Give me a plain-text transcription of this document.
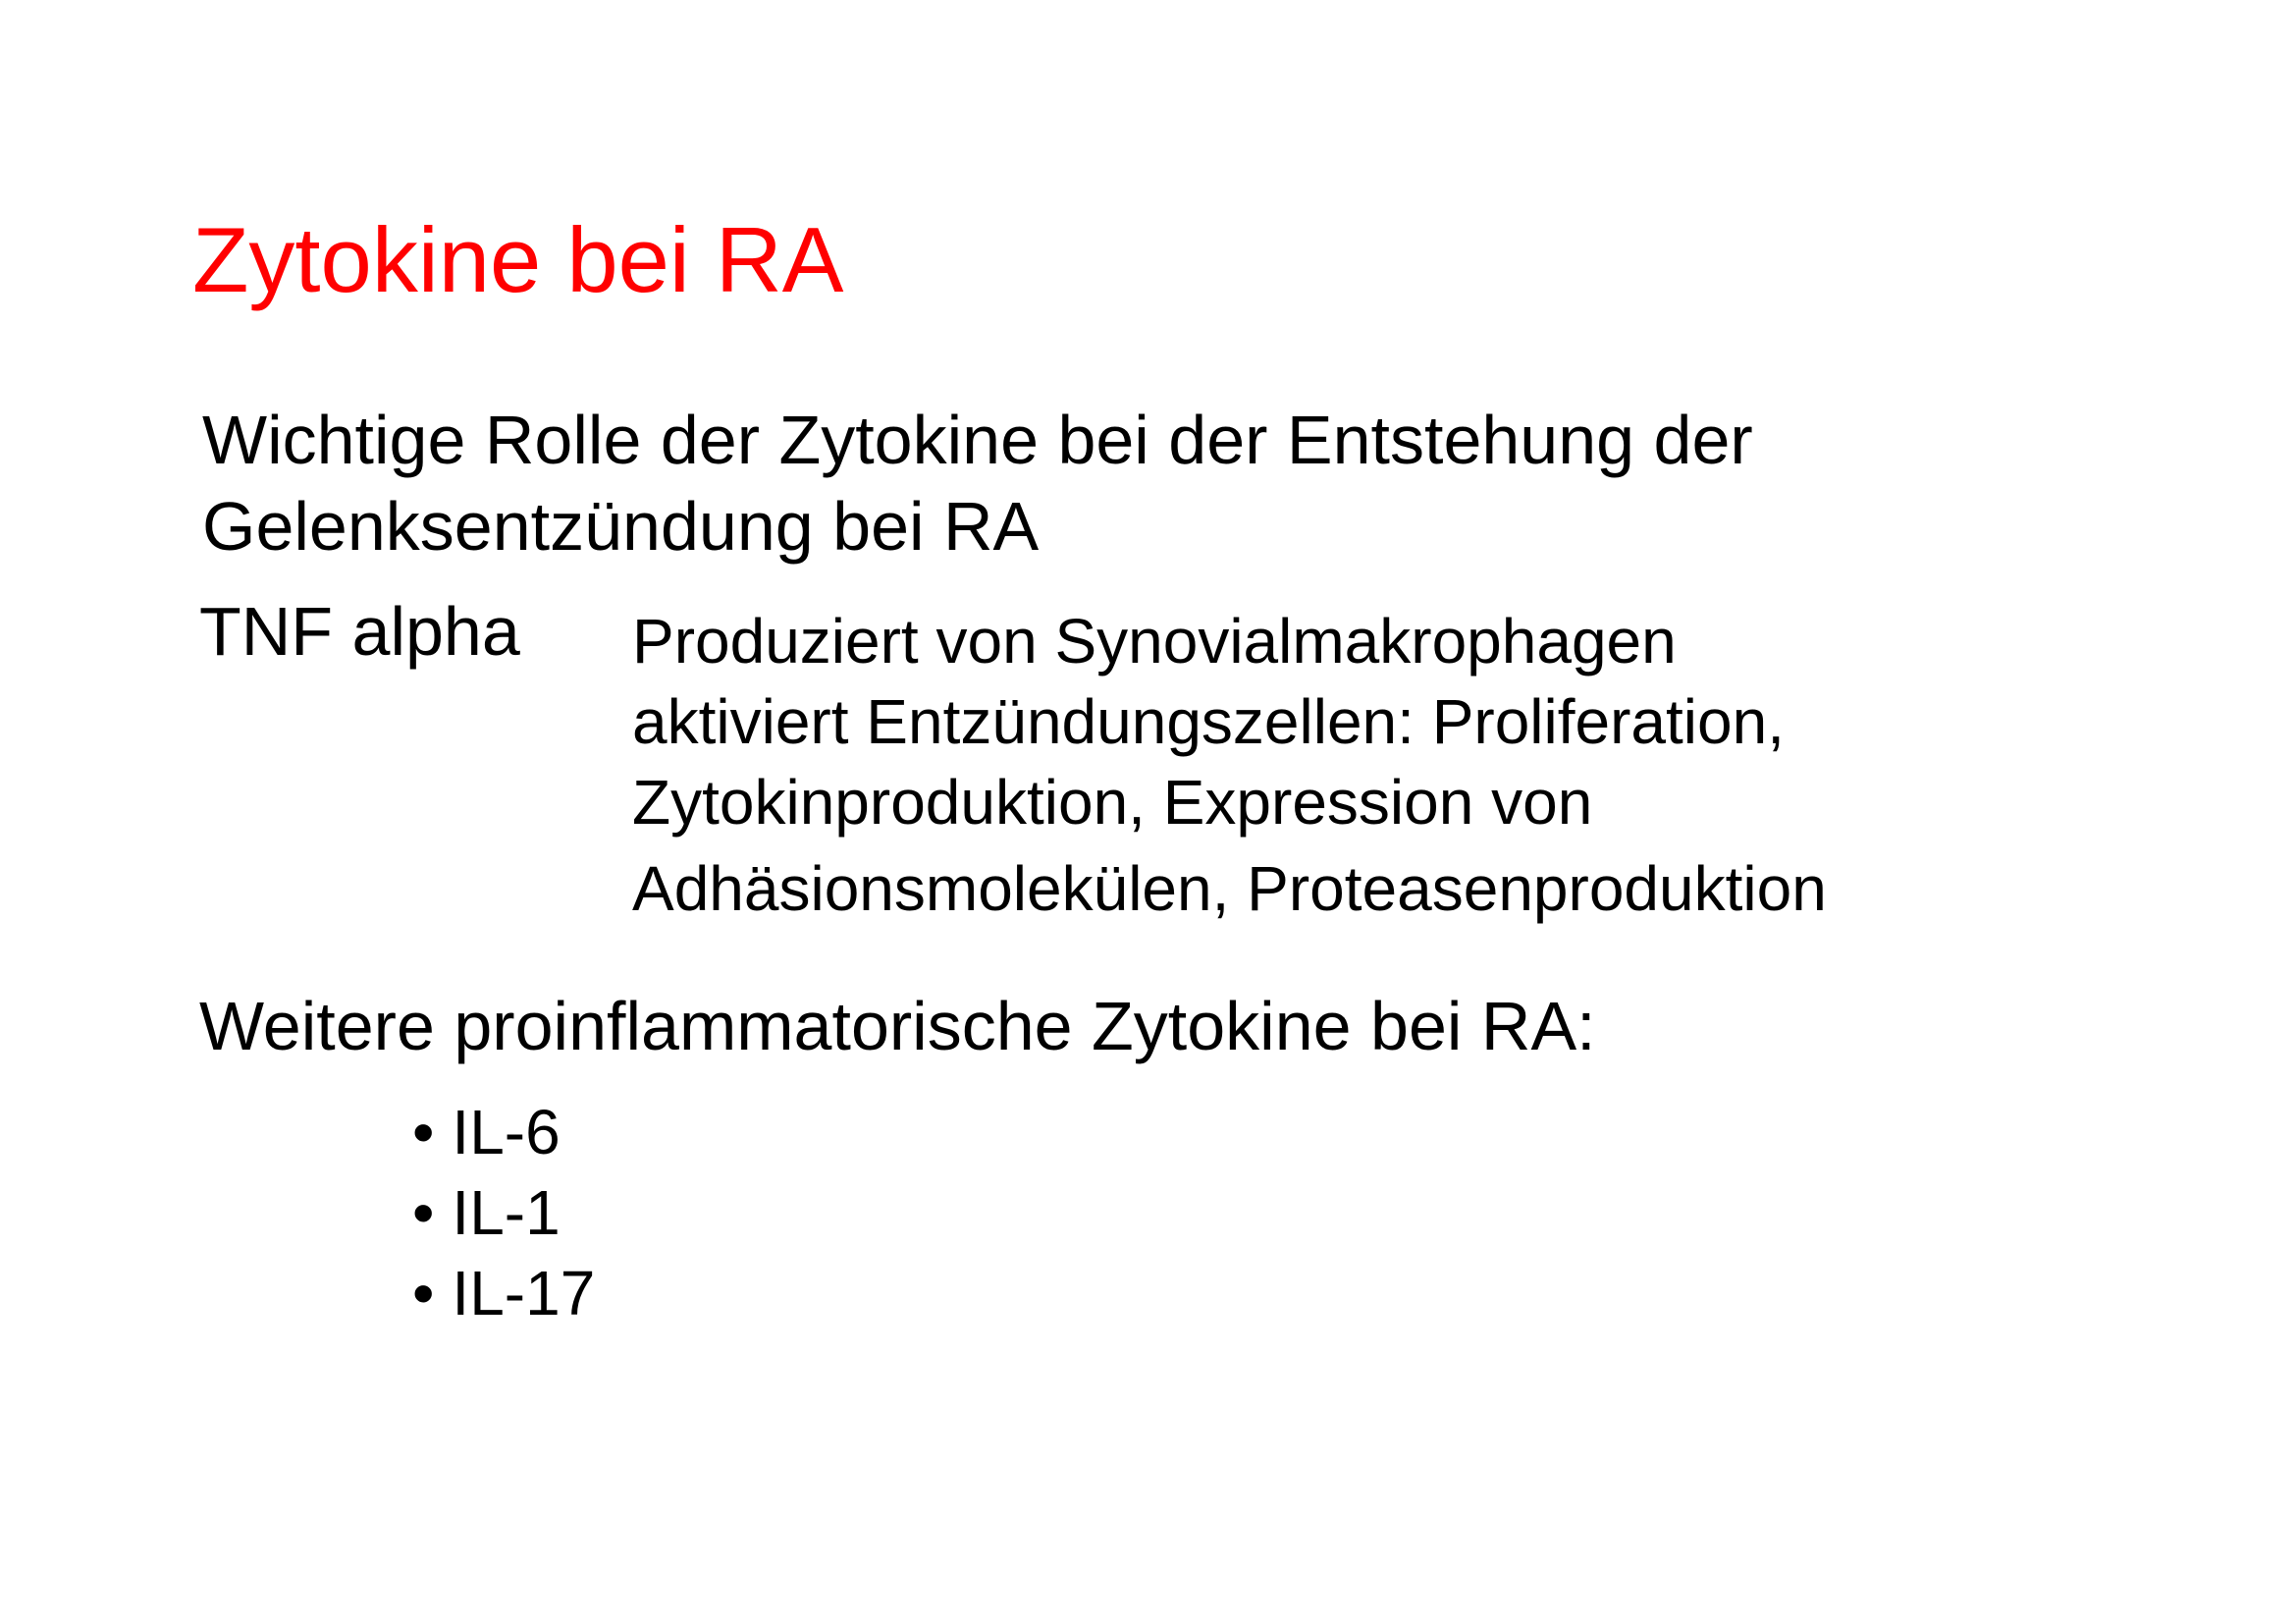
Zytokine bei RA
Wichtige Rolle der Zytokine bei der Entstehung der
Gelenksentzündung bei RA
TNF alpha Produziert von Synovialmakrophagen
aktiviert Entzündungszellen: Proliferation,
Zytokinproduktion, Expression von
Adhäsionsmolekülen, Proteasenproduktion
Weitere proinflammatorische Zytokine bei RA:
• IL-6
• IL-1
• IL-17
